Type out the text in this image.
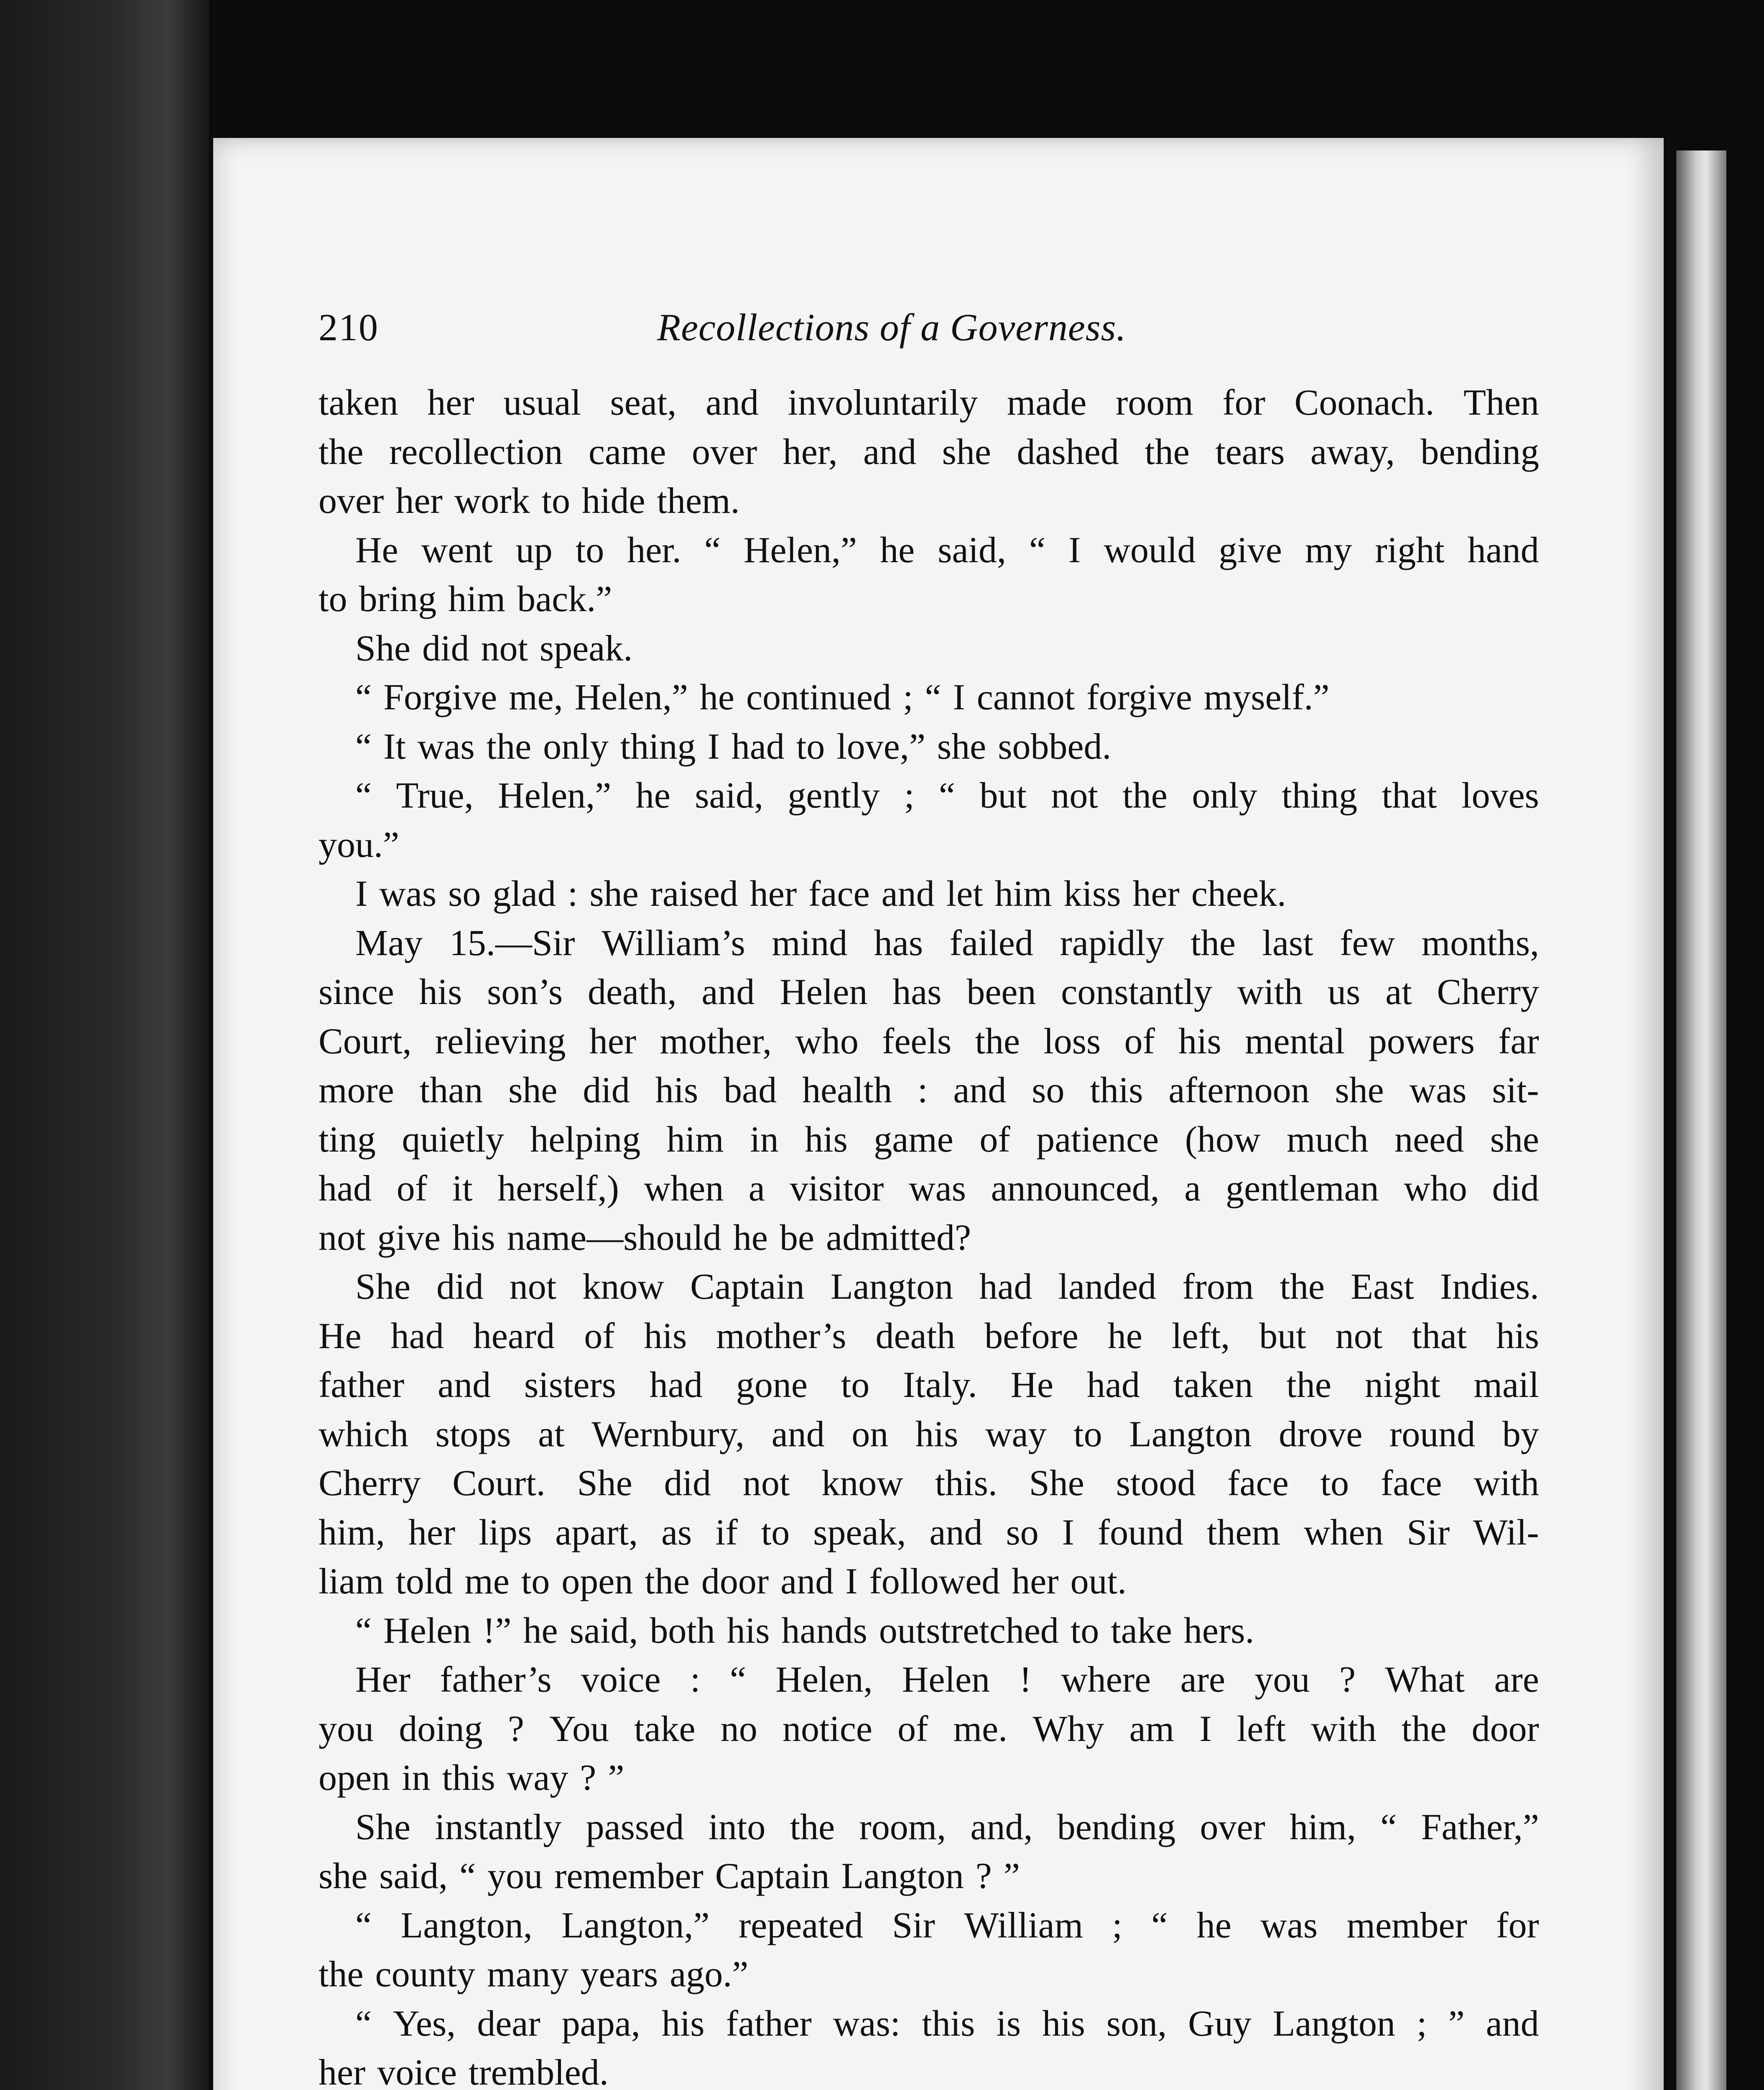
210	Recollections of a Governess.
taken her usual seat, and involuntarily made room for Coonach. Then
the recollection came over her, and she dashed the tears away, bending
over her work to hide them.
He went up to her. “ Helen,” he said, “ I would give my right hand
to bring him back.”
She did not speak.
“ Forgive me, Helen,” he continued ; “ I cannot forgive myself.”
“ It was the only thing I had to love,” she sobbed.
“ True, Helen,” he said, gently ; “ but not the only thing that loves
you.”
I was so glad : she raised her face and let him kiss her cheek.
May 15.—Sir William’s mind has failed rapidly the last few months,
since his son’s death, and Helen has been constantly with us at Cherry
Court, relieving her mother, who feels the loss of his mental powers far
more than she did his bad health : and so this afternoon she was sit-
ting quietly helping him in his game of patience (how much need she
had of it herself,) when a visitor was announced, a gentleman who did
not give his name—should he be admitted?
She did not know Captain Langton had landed from the East Indies.
He had heard of his mother’s death before he left, but not that his
father and sisters had gone to Italy. He had taken the night mail
which stops at Wernbury, and on his way to Langton drove round by
Cherry Court. She did not know this. She stood face to face with
him, her lips apart, as if to speak, and so I found them when Sir Wil-
liam told me to open the door and I followed her out.
“ Helen !” he said, both his hands outstretched to take hers.
Her father’s voice : “ Helen, Helen ! where are you ? What are
you doing ? You take no notice of me. Why am I left with the door
open in this way ? ”
She instantly passed into the room, and, bending over him, “ Father,”
she said, “ you remember Captain Langton ? ”
“ Langton, Langton,” repeated Sir William ; “ he was member for
the county many years ago.”
“ Yes, dear papa, his father was: this is his son, Guy Langton ; ” and
her voice trembled.
